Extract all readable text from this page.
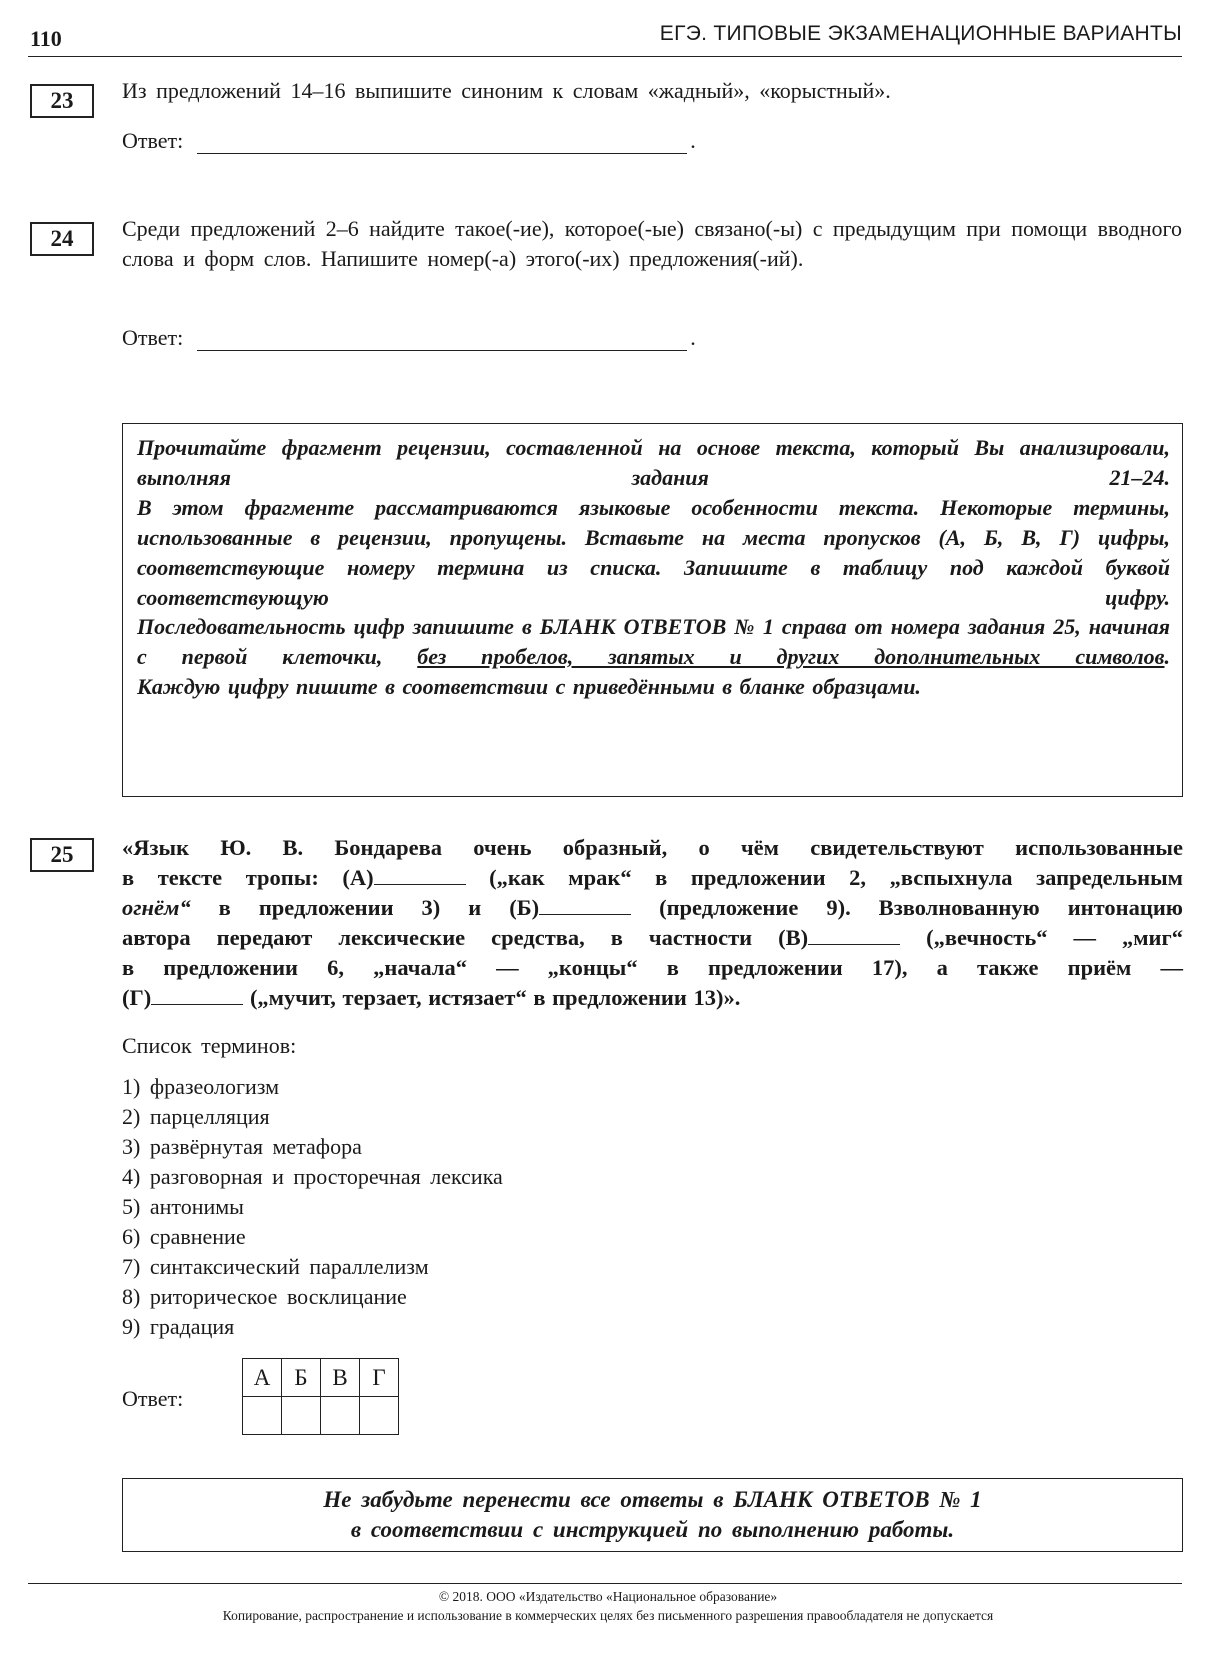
110	ЕГЭ. ТИПОВЫЕ ЭКЗАМЕНАЦИОННЫЕ ВАРИАНТЫ
23	Из предложений 14–16 выпишите синоним к словам «жадный», «корыстный».
Ответ:	.
24	Среди предложений 2–6 найдите такое(-ие), которое(-ые) связано(-ы) с предыдущим при помощи вводного слова и форм слов. Напишите номер(-а) этого(-их) предложения(-ий).
Ответ:	.

Прочитайте фрагмент рецензии, составленной на основе текста, который Вы анализировали, выполняя задания 21–24.

В этом фрагменте рассматриваются языковые особенности текста. Некоторые термины, использованные в рецензии, пропущены. Вставьте на места пропусков (А, Б, В, Г) цифры, соответствующие номеру термина из списка. Запишите в таблицу под каждой буквой соответствующую цифру.

Последовательность цифр запишите в БЛАНК ОТВЕТОВ № 1 справа от номера задания 25, начиная с первой клеточки, без пробелов, запятых и других дополнительных символов.

Каждую цифру пишите в соответствии с приведёнными в бланке образцами.

25	«Язык Ю. В. Бондарева очень образный, о чём свидетельствуют использованные
в тексте тропы: (А)	(„как мрак“ в предложении 2, „вспыхнула запредельным
огнём“ в предложении 3) и (Б)	(предложение 9). Взволнованную интонацию
автора передают лексические средства, в частности (В)	(„вечность“ — „миг“
в предложении 6, „начала“ — „концы“ в предложении 17), а также приём —
(Г)	(„мучит, терзает, истязает“ в предложении 13)».
Список терминов:
1) фразеологизм
2) парцелляция
3) развёрнутая метафора
4) разговорная и просторечная лексика
5) антонимы
6) сравнение
7) синтаксический параллелизм
8) риторическое восклицание
9) градация
Ответ:
А	Б	В	Г

Не забудьте перенести все ответы в БЛАНК ОТВЕТОВ № 1
в соответствии с инструкцией по выполнению работы.
© 2018. ООО «Издательство «Национальное образование»
Копирование, распространение и использование в коммерческих целях без письменного разрешения правообладателя не допускается
